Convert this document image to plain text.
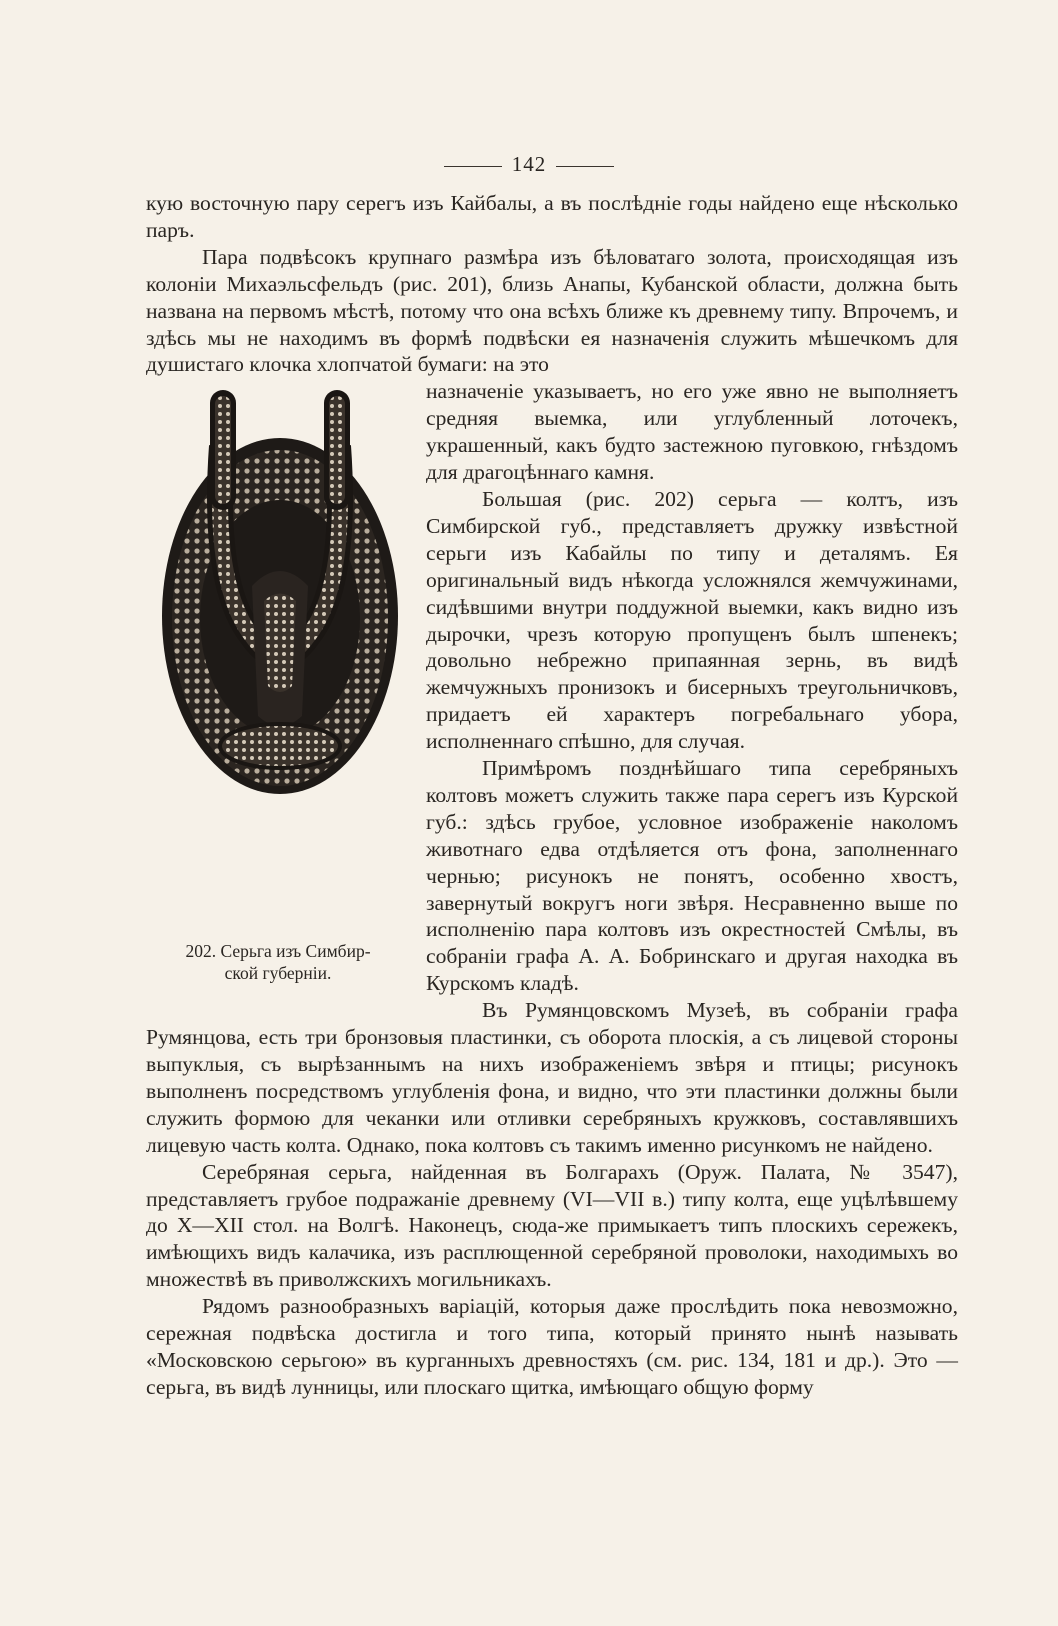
142

кую восточную пару серегъ изъ Кайбалы, а въ послѣдніе годы найдено еще нѣсколько паръ.

Пара подвѣсокъ крупнаго размѣра изъ бѣловатаго золота, происходящая изъ колоніи Михаэльсфельдъ (рис. 201), близь Анапы, Кубанской области, должна быть названа на первомъ мѣстѣ, потому что она всѣхъ ближе къ древнему типу. Впрочемъ, и здѣсь мы не находимъ въ формѣ подвѣски ея назначенія служить мѣшечкомъ для душистаго клочка хлопчатой бумаги: на это

202. Серьга изъ Симбир-
ской губерніи.

назначеніе указываетъ, но его уже явно не выполняетъ средняя выемка, или углубленный лоточекъ, украшенный, какъ будто застежною пуговкою, гнѣздомъ для драгоцѣннаго камня.

Большая (рис. 202) серьга — колтъ, изъ Симбирской губ., представляетъ дружку извѣстной серьги изъ Кабайлы по типу и деталямъ. Ея оригинальный видъ нѣкогда усложнялся жемчужинами, сидѣвшими внутри поддужной выемки, какъ видно изъ дырочки, чрезъ которую пропущенъ былъ шпенекъ; довольно небрежно припаянная зернь, въ видѣ жемчужныхъ пронизокъ и бисерныхъ треугольничковъ, придаетъ ей характеръ погребальнаго убора, исполненнаго спѣшно, для случая.

Примѣромъ позднѣйшаго типа серебряныхъ колтовъ можетъ служить также пара серегъ изъ Курской губ.: здѣсь грубое, условное изображеніе наколомъ животнаго едва отдѣляется отъ фона, заполненнаго чернью; рисунокъ не понятъ, особенно хвостъ, завернутый вокругъ ноги звѣря. Несравненно выше по исполненію пара колтовъ изъ окрестностей Смѣлы, въ собраніи графа А. А. Бобринскаго и другая находка въ Курскомъ кладѣ.

Въ Румянцовскомъ Музеѣ, въ собраніи графа Румянцова, есть три бронзовыя пластинки, съ оборота плоскія, а съ лицевой стороны выпуклыя, съ вырѣзаннымъ на нихъ изображеніемъ звѣря и птицы; рисунокъ выполненъ посредствомъ углубленія фона, и видно, что эти пластинки должны были служить формою для чеканки или отливки серебряныхъ кружковъ, составлявшихъ лицевую часть колта. Однако, пока колтовъ съ такимъ именно рисункомъ не найдено.

Серебряная серьга, найденная въ Болгарахъ (Оруж. Палата, № 3547), представляетъ грубое подражаніе древнему (VI—VII в.) типу колта, еще уцѣлѣвшему до X—XII стол. на Волгѣ. Наконецъ, сюда-же примыкаетъ типъ плоскихъ сережекъ, имѣющихъ видъ калачика, изъ расплющенной серебряной проволоки, находимыхъ во множествѣ въ приволжскихъ могильникахъ.

Рядомъ разнообразныхъ варіацій, которыя даже прослѣдить пока невозможно, сережная подвѣска достигла и того типа, который принято нынѣ называть «Московскою серьгою» въ курганныхъ древностяхъ (см. рис. 134, 181 и др.). Это — серьга, въ видѣ лунницы, или плоскаго щитка, имѣющаго общую форму
